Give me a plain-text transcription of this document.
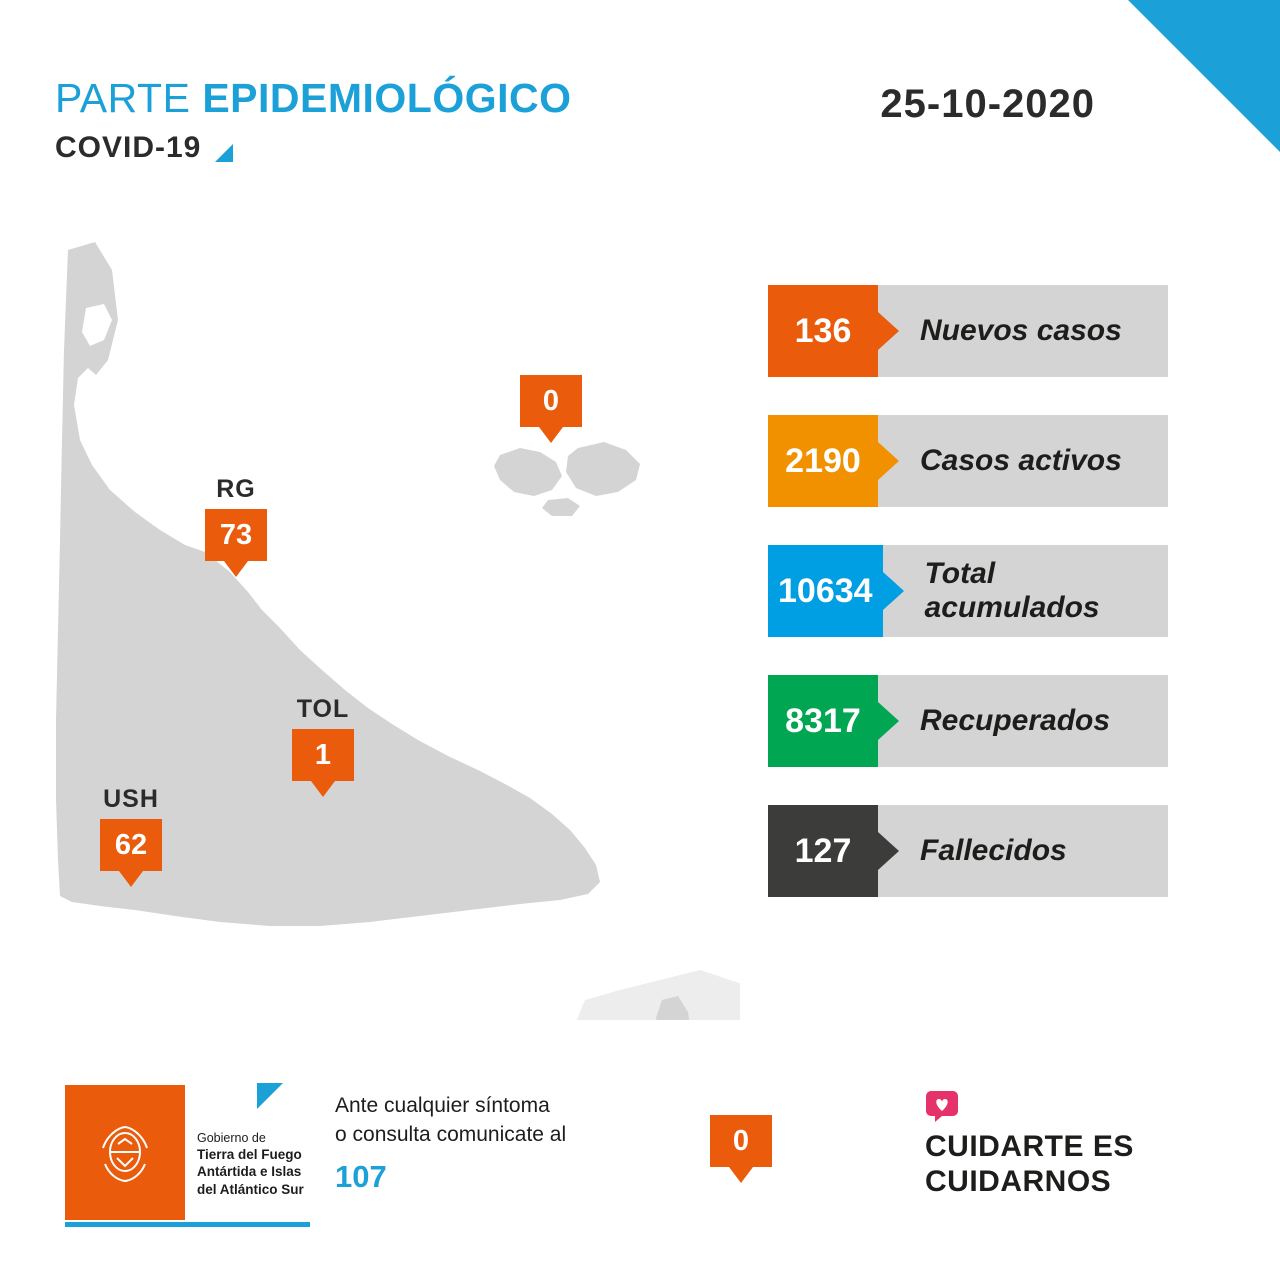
PARTE EPIDEMIOLÓGICO
COVID-19
25-10-2020
RG
73
TOL
1
USH
62
0
0
136	Nuevos casos
2190	Casos activos
10634	Total acumulados
8317	Recuperados
127	Fallecidos
Gobierno de
Tierra del Fuego
Antártida e Islas
del Atlántico Sur
Ante cualquier síntoma
o consulta comunicate al
107
CUIDARTE ES
CUIDARNOS
